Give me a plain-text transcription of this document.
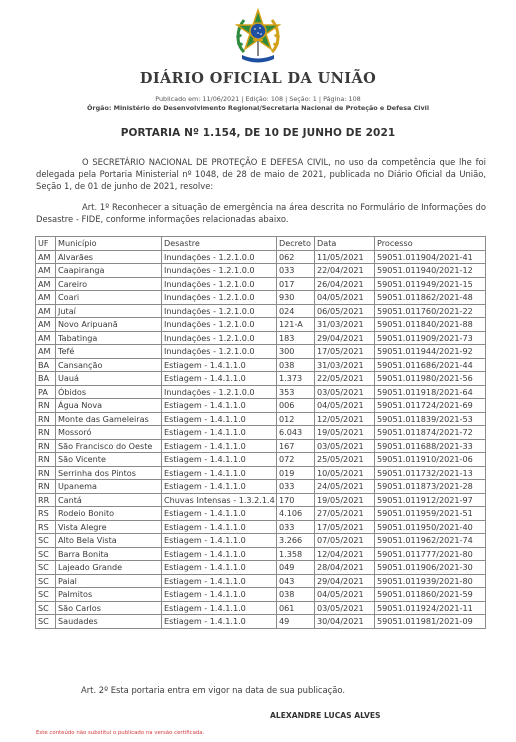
DIÁRIO OFICIAL DA UNIÃO
Publicado em: 11/06/2021 | Edição: 108 | Seção: 1 | Página: 108
Órgão: Ministério do Desenvolvimento Regional/Secretaria Nacional de Proteção e Defesa Civil
PORTARIA Nº 1.154, DE 10 DE JUNHO DE 2021
O SECRETÁRIO NACIONAL DE PROTEÇÃO E DEFESA CIVIL, no uso da competência que lhe foi delegada pela Portaria Ministerial nº 1048, de 28 de maio de 2021, publicada no Diário Oficial da União, Seção 1, de 01 de junho de 2021, resolve:
Art. 1º Reconhecer a situação de emergência na área descrita no Formulário de Informações do Desastre - FIDE, conforme informações relacionadas abaixo.
UF	Município	Desastre	Decreto	Data	Processo
AM	Alvarães	Inundações - 1.2.1.0.0	062	11/05/2021	59051.011904/2021-41
AM	Caapiranga	Inundações - 1.2.1.0.0	033	22/04/2021	59051.011940/2021-12
AM	Careiro	Inundações - 1.2.1.0.0	017	26/04/2021	59051.011949/2021-15
AM	Coari	Inundações - 1.2.1.0.0	930	04/05/2021	59051.011862/2021-48
AM	Jutaí	Inundações - 1.2.1.0.0	024	06/05/2021	59051.011760/2021-22
AM	Novo Aripuanã	Inundações - 1.2.1.0.0	121-A	31/03/2021	59051.011840/2021-88
AM	Tabatinga	Inundações - 1.2.1.0.0	183	29/04/2021	59051.011909/2021-73
AM	Tefé	Inundações - 1.2.1.0.0	300	17/05/2021	59051.011944/2021-92
BA	Cansanção	Estiagem - 1.4.1.1.0	038	31/03/2021	59051.011686/2021-44
BA	Uauá	Estiagem - 1.4.1.1.0	1.373	22/05/2021	59051.011980/2021-56
PA	Óbidos	Inundações - 1.2.1.0.0	353	03/05/2021	59051.011918/2021-64
RN	Água Nova	Estiagem - 1.4.1.1.0	006	04/05/2021	59051.011724/2021-69
RN	Monte das Gameleiras	Estiagem - 1.4.1.1.0	012	12/05/2021	59051.011839/2021-53
RN	Mossoró	Estiagem - 1.4.1.1.0	6.043	19/05/2021	59051.011874/2021-72
RN	São Francisco do Oeste	Estiagem - 1.4.1.1.0	167	03/05/2021	59051.011688/2021-33
RN	São Vicente	Estiagem - 1.4.1.1.0	072	25/05/2021	59051.011910/2021-06
RN	Serrinha dos Pintos	Estiagem - 1.4.1.1.0	019	10/05/2021	59051.011732/2021-13
RN	Upanema	Estiagem - 1.4.1.1.0	033	24/05/2021	59051.011873/2021-28
RR	Cantá	Chuvas Intensas - 1.3.2.1.4	170	19/05/2021	59051.011912/2021-97
RS	Rodeio Bonito	Estiagem - 1.4.1.1.0	4.106	27/05/2021	59051.011959/2021-51
RS	Vista Alegre	Estiagem - 1.4.1.1.0	033	17/05/2021	59051.011950/2021-40
SC	Alto Bela Vista	Estiagem - 1.4.1.1.0	3.266	07/05/2021	59051.011962/2021-74
SC	Barra Bonita	Estiagem - 1.4.1.1.0	1.358	12/04/2021	59051.011777/2021-80
SC	Lajeado Grande	Estiagem - 1.4.1.1.0	049	28/04/2021	59051.011906/2021-30
SC	Paial	Estiagem - 1.4.1.1.0	043	29/04/2021	59051.011939/2021-80
SC	Palmitos	Estiagem - 1.4.1.1.0	038	04/05/2021	59051.011860/2021-59
SC	São Carlos	Estiagem - 1.4.1.1.0	061	03/05/2021	59051.011924/2021-11
SC	Saudades	Estiagem - 1.4.1.1.0	49	30/04/2021	59051.011981/2021-09
Art. 2º Esta portaria entra em vigor na data de sua publicação.
ALEXANDRE LUCAS ALVES
Este conteúdo não substitui o publicado na versão certificada.
